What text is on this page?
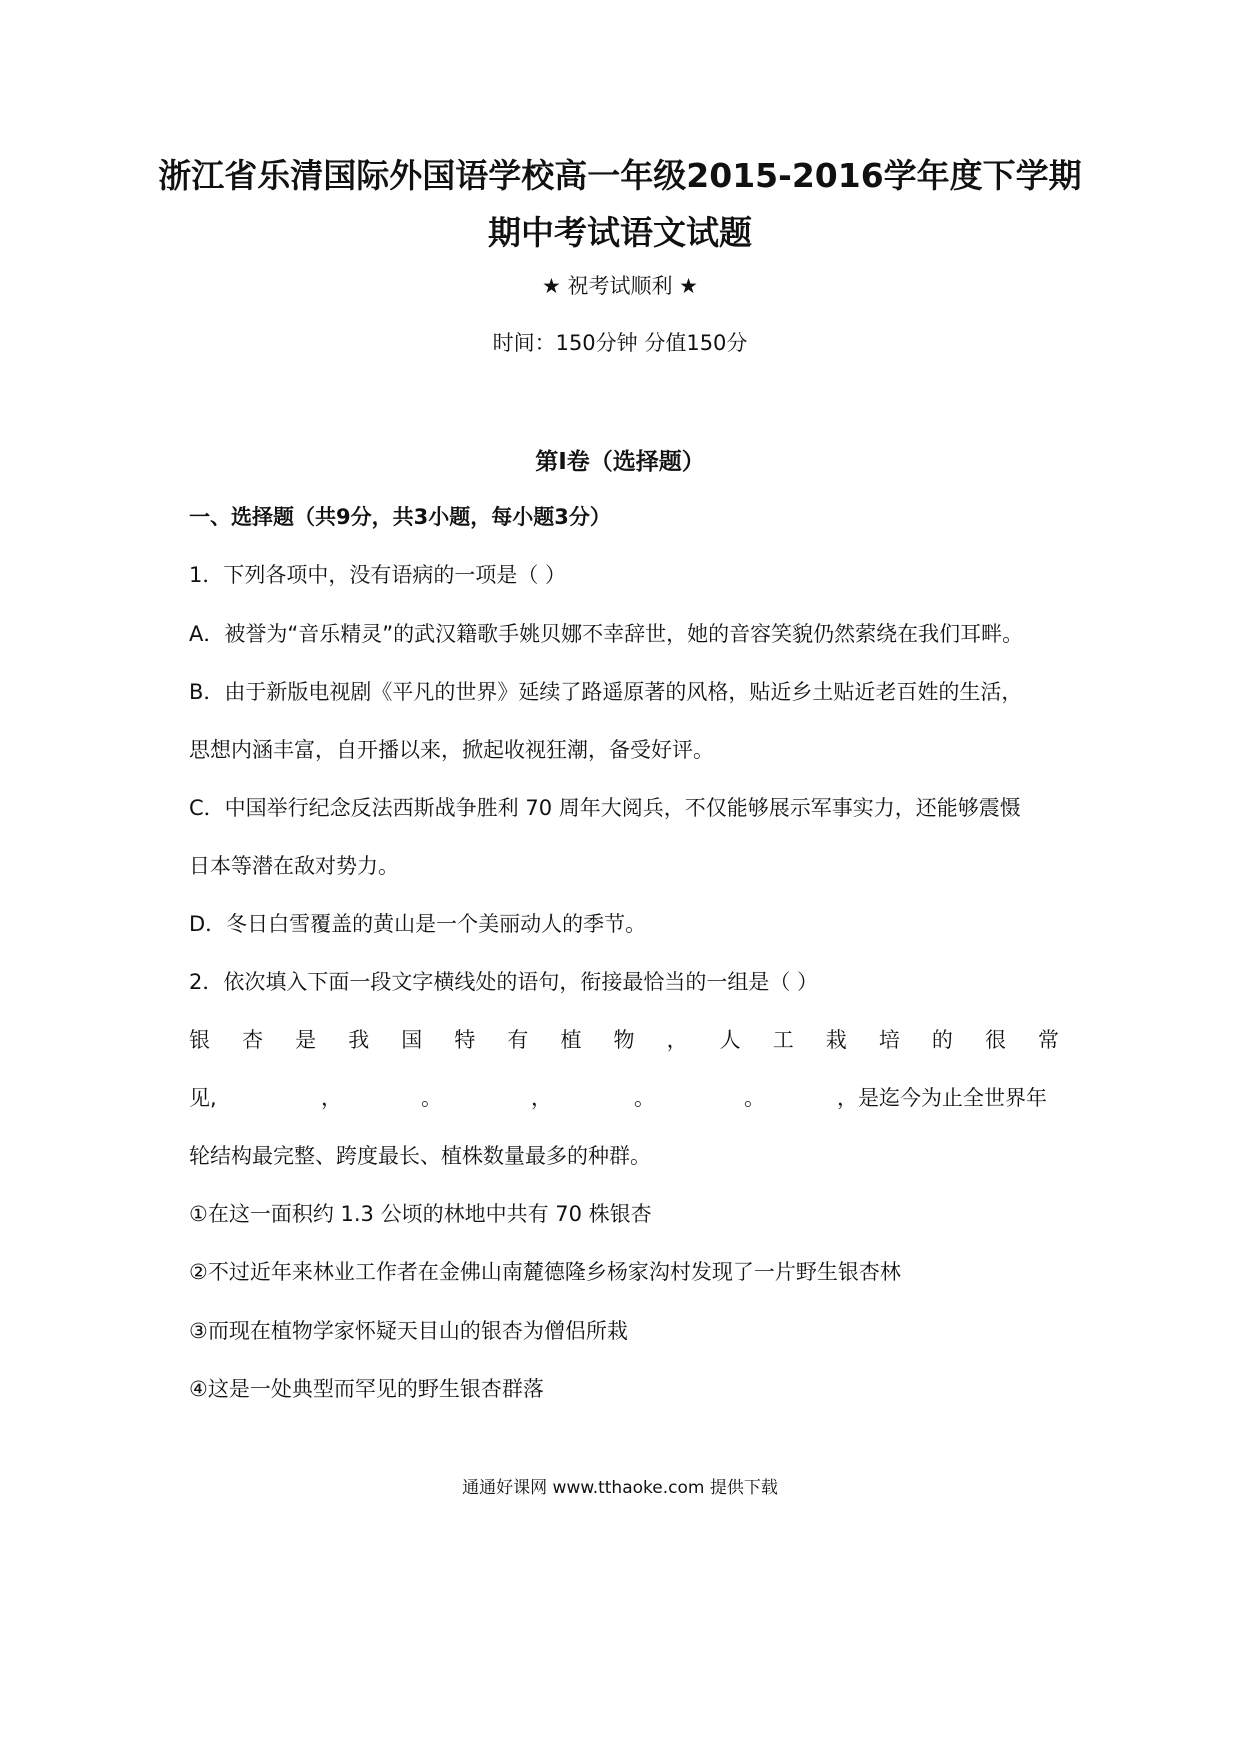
浙江省乐清国际外国语学校高一年级2015-2016学年度下学期
期中考试语文试题
★ 祝考试顺利 ★
时间：150分钟 分值150分
第I卷（选择题）
一、选择题（共9分，共3小题，每小题3分）
1．下列各项中，没有语病的一项是（ ）
A．被誉为“音乐精灵”的武汉籍歌手姚贝娜不幸辞世，她的音容笑貌仍然萦绕在我们耳畔。
B．由于新版电视剧《平凡的世界》延续了路遥原著的风格，贴近乡土贴近老百姓的生活，
思想内涵丰富，自开播以来，掀起收视狂潮，备受好评。
C．中国举行纪念反法西斯战争胜利 70 周年大阅兵，不仅能够展示军事实力，还能够震慑
日本等潜在敌对势力。
D．冬日白雪覆盖的黄山是一个美丽动人的季节。
2．依次填入下面一段文字横线处的语句，衔接最恰当的一组是（ ）
银 杏 是 我 国 特 有 植 物 ， 人 工 栽 培 的 很 常
见,	，	。	，	。	。	，是迄今为止全世界年
轮结构最完整、跨度最长、植株数量最多的种群。
①在这一面积约 1.3 公顷的林地中共有 70 株银杏
②不过近年来林业工作者在金佛山南麓德隆乡杨家沟村发现了一片野生银杏林
③而现在植物学家怀疑天目山的银杏为僧侣所栽
④这是一处典型而罕见的野生银杏群落
通通好课网 www.tthaoke.com 提供下载
